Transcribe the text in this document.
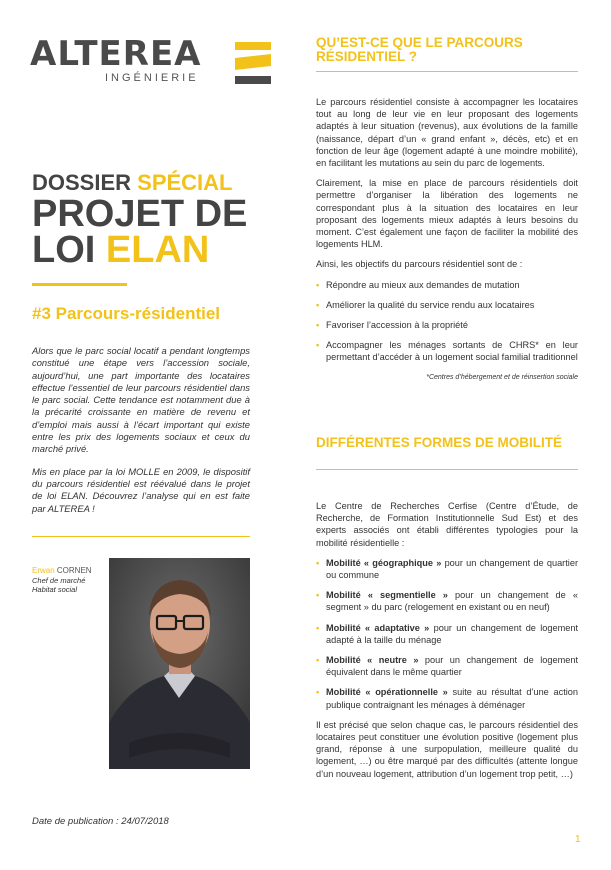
ALTEREA
INGÉNIERIE
DOSSIER SPÉCIAL
PROJET DE
LOI ELAN
#3 Parcours-résidentiel

Alors que le parc social locatif a pendant longtemps constitué une étape vers l’accession sociale, aujourd’hui, une part importante des locataires effectue l’essentiel de leur parcours résidentiel dans le parc social. Cette tendance est notamment due à la précarité croissante en matière de revenu et d’emploi mais aussi à l’écart important qui existe entre les prix des logements sociaux et ceux du marché privé.

Mis en place par la loi MOLLE en 2009, le dispositif du parcours résidentiel est réévalué dans le projet de loi ELAN. Découvrez l’analyse qui en est faite par ALTEREA !

Erwan CORNEN
Chef de marché Habitat social
Date de publication : 24/07/2018
QU’EST-CE QUE LE PARCOURS RÉSIDENTIEL ?

Le parcours résidentiel consiste à accompagner les locataires tout au long de leur vie en leur proposant des logements adaptés à leur situation (revenus), aux évolutions de la famille (naissance, départ d’un « grand enfant », décès, etc) et en fonction de leur âge (logement adapté à une moindre mobilité), en facilitant les mutations au sein du parc de logements.

Clairement, la mise en place de parcours résidentiels doit permettre d’organiser la libération des logements ne correspondant plus à la situation des locataires en leur proposant des logements mieux adaptés à leurs besoins du moment. C’est également une façon de faciliter la mobilité des logements HLM.

Ainsi, les objectifs du parcours résidentiel sont de :

• Répondre au mieux aux demandes de mutation
• Améliorer la qualité du service rendu aux locataires
• Favoriser l’accession à la propriété
• Accompagner les ménages sortants de CHRS* en leur permettant d’accéder à un logement social familial traditionnel
*Centres d’hébergement et de réinsertion sociale
DIFFÉRENTES FORMES DE MOBILITÉ

Le Centre de Recherches Cerfise (Centre d’Étude, de Recherche, de Formation Institutionnelle Sud Est) et des experts associés ont établi différentes typologies pour la mobilité résidentielle :

• Mobilité « géographique » pour un changement de quartier ou commune
• Mobilité « segmentielle » pour un changement de « segment » du parc (relogement en existant ou en neuf)
• Mobilité « adaptative » pour un changement de logement adapté à la taille du ménage
• Mobilité « neutre » pour un changement de logement équivalent dans le même quartier
• Mobilité « opérationnelle » suite au résultat d’une action publique contraignant les ménages à déménager

Il est précisé que selon chaque cas, le parcours résidentiel des locataires peut constituer une évolution positive (logement plus grand, réponse à une surpopulation, meilleure qualité du logement, …) ou être marqué par des difficultés (attente longue d’un nouveau logement, attribution d’un logement trop petit, …)

1
